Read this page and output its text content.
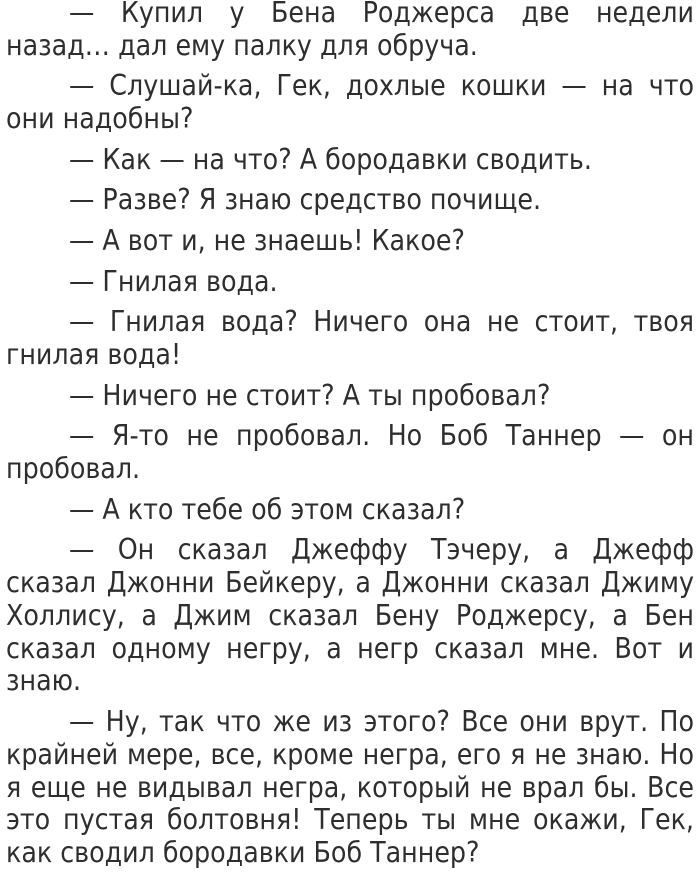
— Купил у Бена Роджерса две недели назад… дал ему палку для обруча.

— Слушай-ка, Гек, дохлые кошки — на что они надобны?

— Как — на что? А бородавки сводить.

— Разве? Я знаю средство почище.

— А вот и, не знаешь! Какое?

— Гнилая вода.

— Гнилая вода? Ничего она не стоит, твоя гнилая вода!

— Ничего не стоит? А ты пробовал?

— Я-то не пробовал. Но Боб Таннер — он пробовал.

— А кто тебе об этом сказал?

— Он сказал Джеффу Тэчеру, а Джефф сказал Джонни Бейкеру, а Джонни сказал Джиму Холлису, а Джим сказал Бену Роджерсу, а Бен сказал одному негру, а негр сказал мне. Вот и знаю.

— Ну, так что же из этого? Все они врут. По крайней мере, все, кроме негра, его я не знаю. Но я еще не видывал негра, который не врал бы. Все это пустая болтовня! Теперь ты мне окажи, Гек, как сводил бородавки Боб Таннер?
